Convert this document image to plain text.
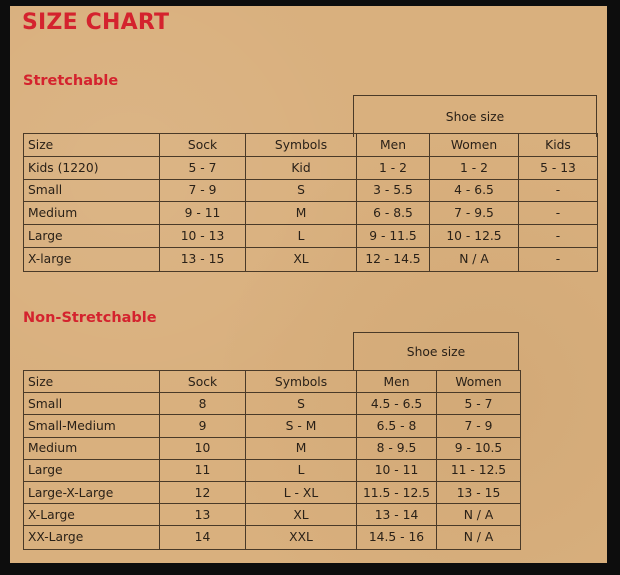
SIZE CHART
Stretchable
Shoe size
Size	Sock	Symbols	Men	Women	Kids
Kids (1220)	5 - 7	Kid	1 - 2	1 - 2	5 - 13
Small	7 - 9	S	3 - 5.5	4 - 6.5	-
Medium	9 - 11	M	6 - 8.5	7 - 9.5	-
Large	10 - 13	L	9 - 11.5	10 - 12.5	-
X-large	13 - 15	XL	12 - 14.5	N / A	-
Non-Stretchable
Shoe size
Size	Sock	Symbols	Men	Women
Small	8	S	4.5 - 6.5	5 - 7
Small-Medium	9	S - M	6.5 - 8	7 - 9
Medium	10	M	8 - 9.5	9 - 10.5
Large	11	L	10 - 11	11 - 12.5
Large-X-Large	12	L - XL	11.5 - 12.5	13 - 15
X-Large	13	XL	13 - 14	N / A
XX-Large	14	XXL	14.5 - 16	N / A
